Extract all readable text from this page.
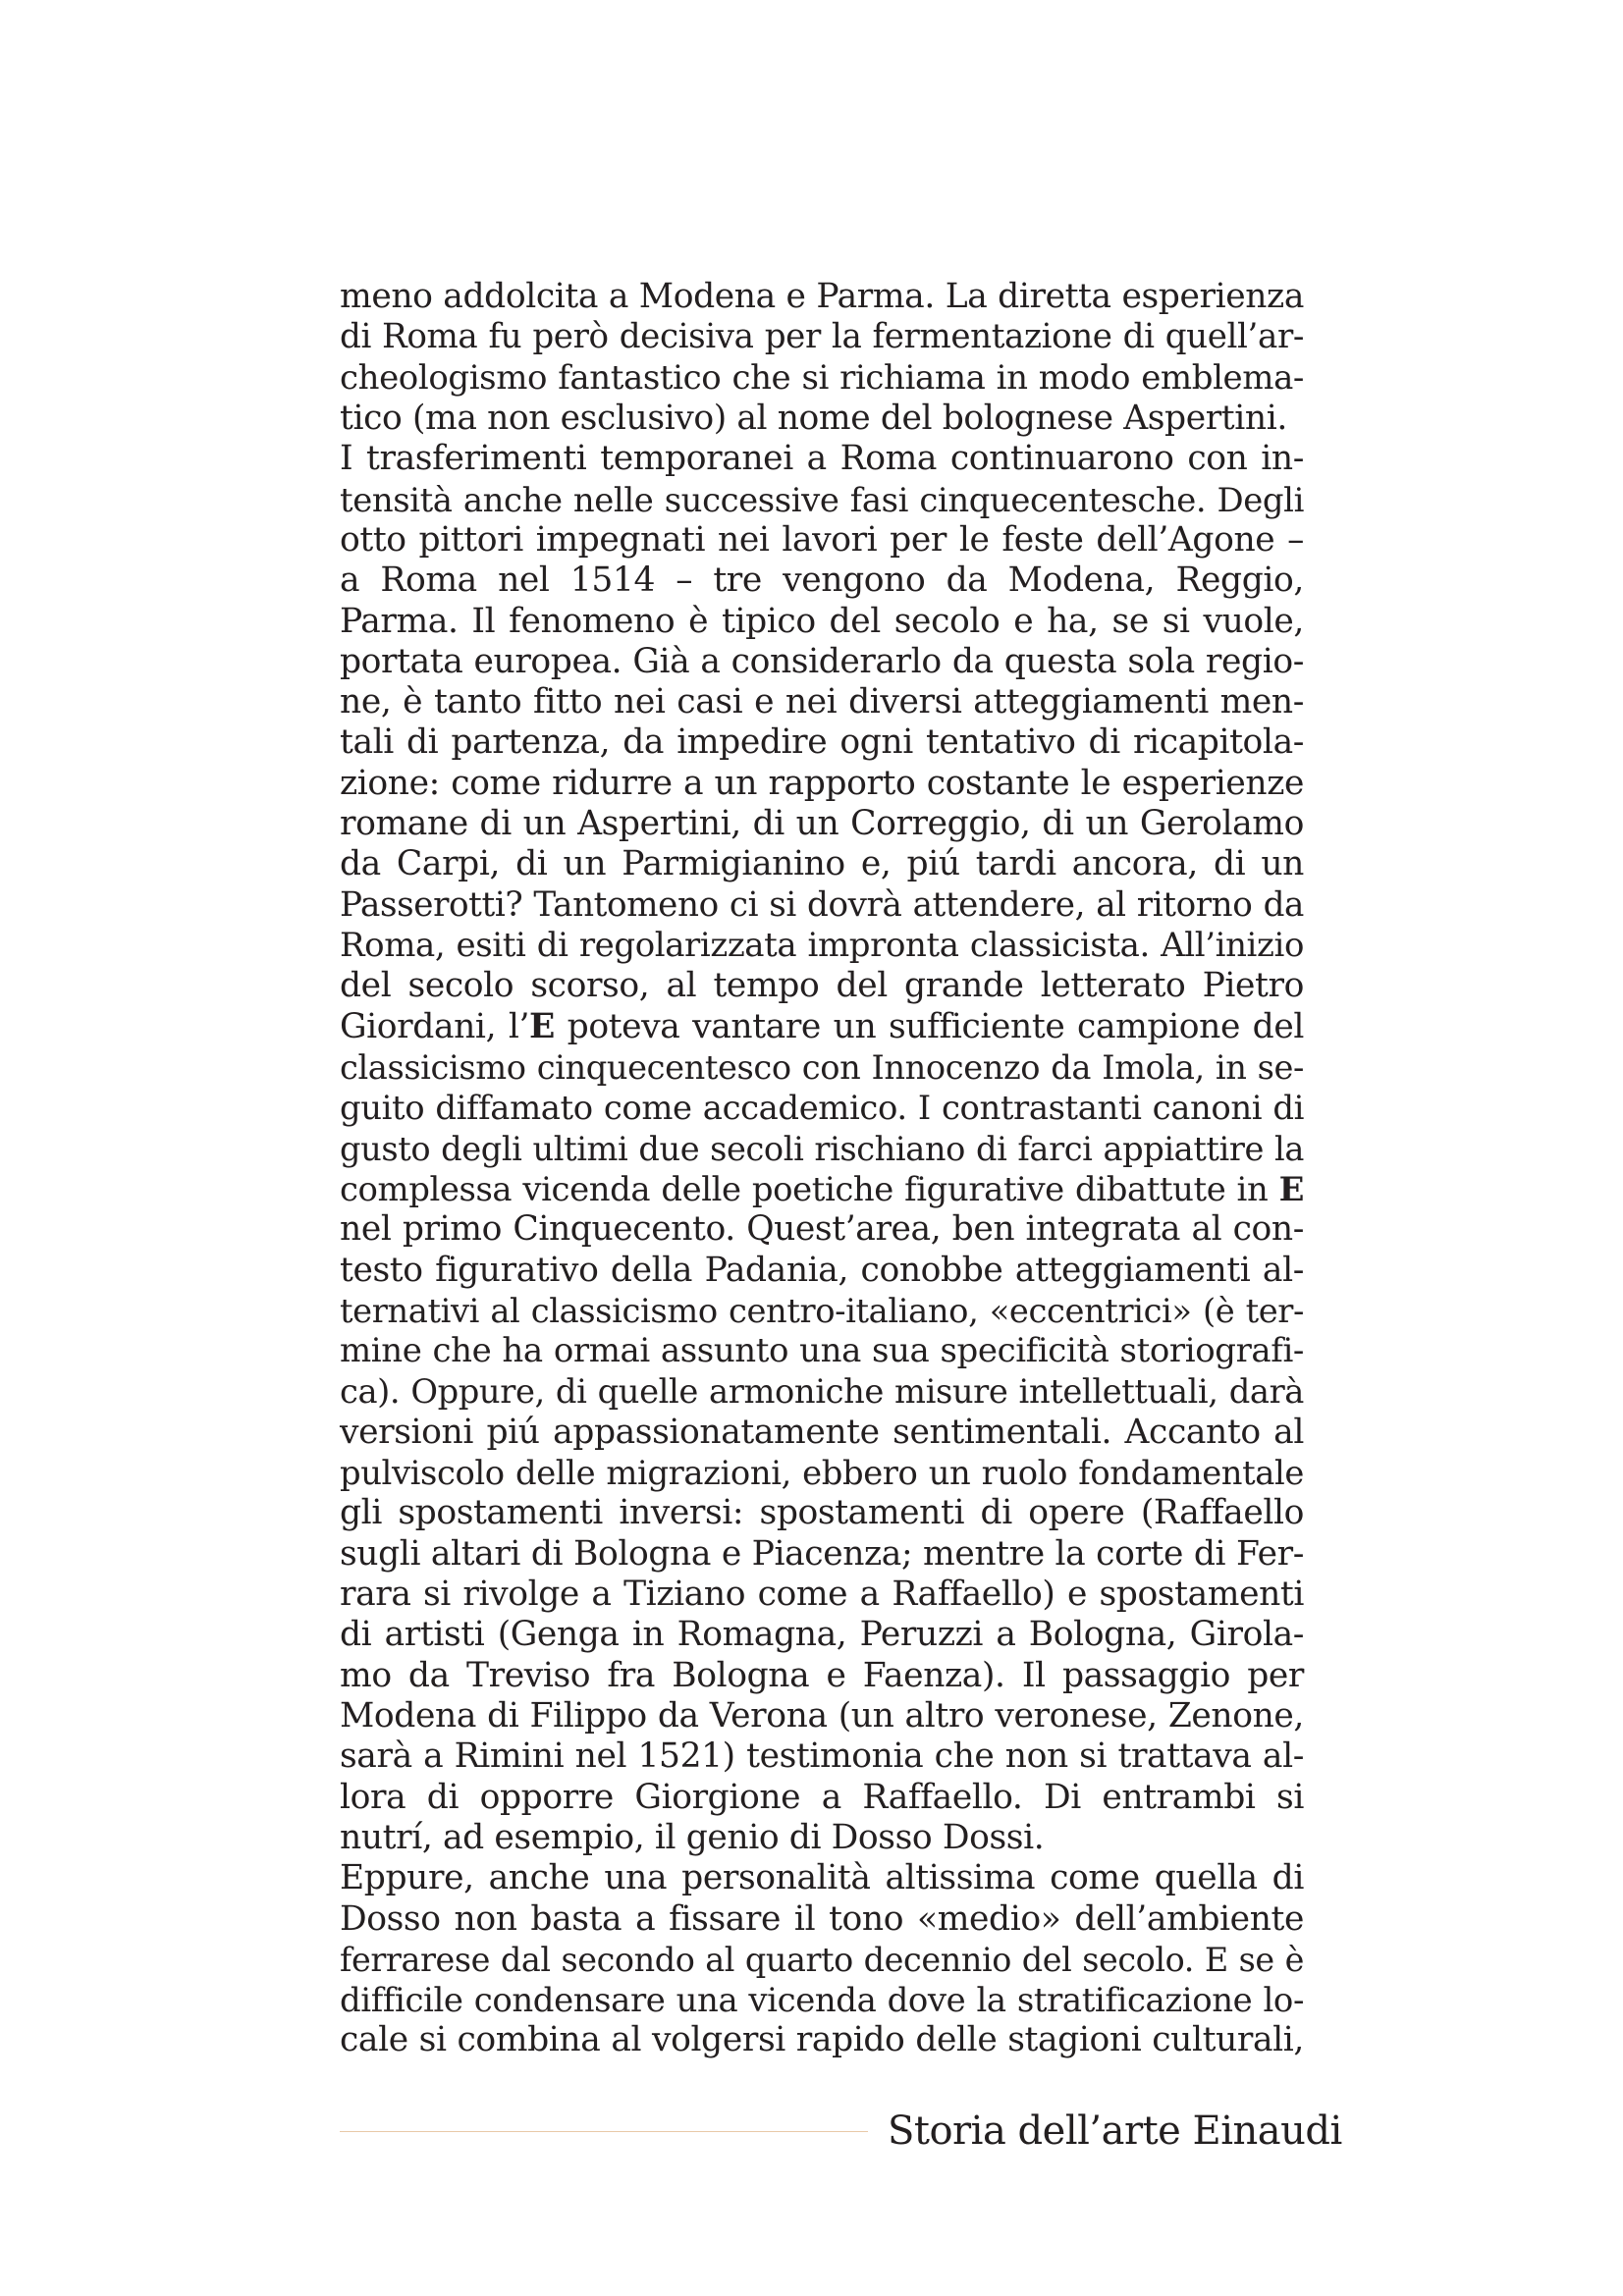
meno addolcita a Modena e Parma. La diretta esperienza
di Roma fu però decisiva per la fermentazione di quell’ar-
cheologismo fantastico che si richiama in modo emblema-
tico (ma non esclusivo) al nome del bolognese Aspertini.
I trasferimenti temporanei a Roma continuarono con in-
tensità anche nelle successive fasi cinquecentesche. Degli
otto pittori impegnati nei lavori per le feste dell’Agone –
a Roma nel 1514 – tre vengono da Modena, Reggio,
Parma. Il fenomeno è tipico del secolo e ha, se si vuole,
portata europea. Già a considerarlo da questa sola regio-
ne, è tanto fitto nei casi e nei diversi atteggiamenti men-
tali di partenza, da impedire ogni tentativo di ricapitola-
zione: come ridurre a un rapporto costante le esperienze
romane di un Aspertini, di un Correggio, di un Gerolamo
da Carpi, di un Parmigianino e, piú tardi ancora, di un
Passerotti? Tantomeno ci si dovrà attendere, al ritorno da
Roma, esiti di regolarizzata impronta classicista. All’inizio
del secolo scorso, al tempo del grande letterato Pietro
Giordani, l’E poteva vantare un sufficiente campione del
classicismo cinquecentesco con Innocenzo da Imola, in se-
guito diffamato come accademico. I contrastanti canoni di
gusto degli ultimi due secoli rischiano di farci appiattire la
complessa vicenda delle poetiche figurative dibattute in E
nel primo Cinquecento. Quest’area, ben integrata al con-
testo figurativo della Padania, conobbe atteggiamenti al-
ternativi al classicismo centro-italiano, «eccentrici» (è ter-
mine che ha ormai assunto una sua specificità storiografi-
ca). Oppure, di quelle armoniche misure intellettuali, darà
versioni piú appassionatamente sentimentali. Accanto al
pulviscolo delle migrazioni, ebbero un ruolo fondamentale
gli spostamenti inversi: spostamenti di opere (Raffaello
sugli altari di Bologna e Piacenza; mentre la corte di Fer-
rara si rivolge a Tiziano come a Raffaello) e spostamenti
di artisti (Genga in Romagna, Peruzzi a Bologna, Girola-
mo da Treviso fra Bologna e Faenza). Il passaggio per
Modena di Filippo da Verona (un altro veronese, Zenone,
sarà a Rimini nel 1521) testimonia che non si trattava al-
lora di opporre Giorgione a Raffaello. Di entrambi si
nutrí, ad esempio, il genio di Dosso Dossi.
Eppure, anche una personalità altissima come quella di
Dosso non basta a fissare il tono «medio» dell’ambiente
ferrarese dal secondo al quarto decennio del secolo. E se è
difficile condensare una vicenda dove la stratificazione lo-
cale si combina al volgersi rapido delle stagioni culturali,
Storia dell’arte Einaudi
